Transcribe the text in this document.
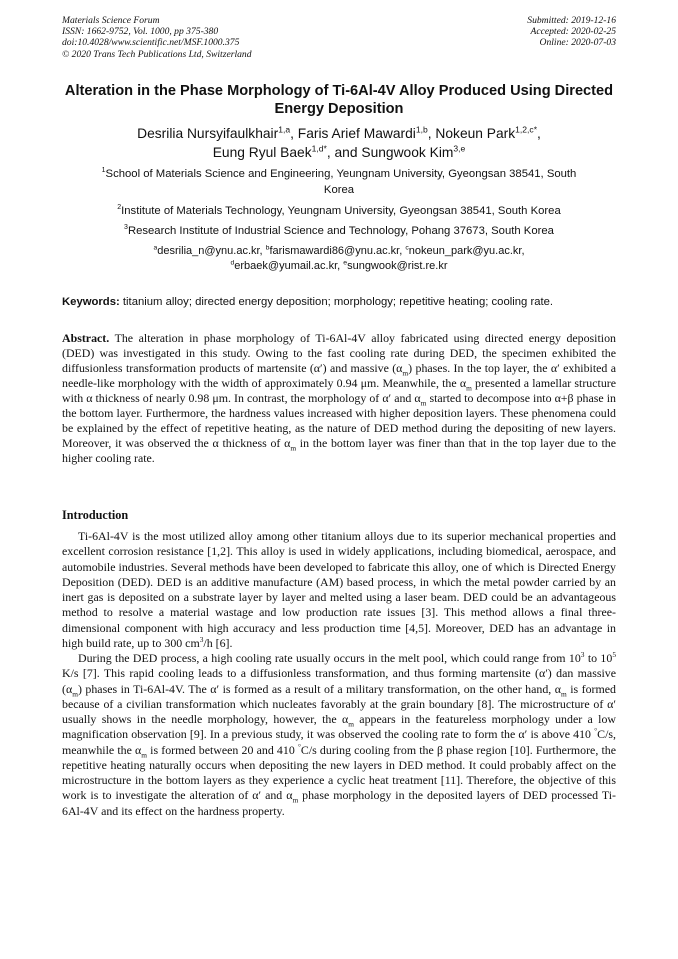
Materials Science Forum
ISSN: 1662-9752, Vol. 1000, pp 375-380
doi:10.4028/www.scientific.net/MSF.1000.375
© 2020 Trans Tech Publications Ltd, Switzerland
Submitted: 2019-12-16
Accepted: 2020-02-25
Online: 2020-07-03
Alteration in the Phase Morphology of Ti-6Al-4V Alloy Produced Using Directed Energy Deposition
Desrilia Nursyifaulkhair$^{1,a}$, Faris Arief Mawardi$^{1,b}$, Nokeun Park$^{1,2,c*}$,
Eung Ryul Baek$^{1,d*}$, and Sungwook Kim$^{3,e}$
$^1$School of Materials Science and Engineering, Yeungnam University, Gyeongsan 38541, South Korea
$^2$Institute of Materials Technology, Yeungnam University, Gyeongsan 38541, South Korea
$^3$Research Institute of Industrial Science and Technology, Pohang 37673, South Korea
$^a$desrilia_n@ynu.ac.kr, $^b$farismawardi86@ynu.ac.kr, $^c$nokeun_park@yu.ac.kr,
$^d$erbaek@yumail.ac.kr, $^e$sungwook@rist.re.kr
Keywords: titanium alloy; directed energy deposition; morphology; repetitive heating; cooling rate.
Abstract. The alteration in phase morphology of Ti-6Al-4V alloy fabricated using directed energy deposition (DED) was investigated in this study. Owing to the fast cooling rate during DED, the specimen exhibited the diffusionless transformation products of martensite (α′) and massive $(\alpha_m)$ phases. In the top layer, the α′ exhibited a needle-like morphology with the width of approximately 0.94 μm. Meanwhile, the $\alpha_m$ presented a lamellar structure with α thickness of nearly 0.98 μm. In contrast, the morphology of α′ and $\alpha_m$ started to decompose into α+β phase in the bottom layer. Furthermore, the hardness values increased with higher deposition layers. These phenomena could be explained by the effect of repetitive heating, as the nature of DED method during the depositing of new layers. Moreover, it was observed the α thickness of $\alpha_m$ in the bottom layer was finer than that in the top layer due to the higher cooling rate.
Introduction

Ti-6Al-4V is the most utilized alloy among other titanium alloys due to its superior mechanical properties and excellent corrosion resistance [1,2]. This alloy is used in widely applications, including biomedical, aerospace, and automobile industries. Several methods have been developed to fabricate this alloy, one of which is Directed Energy Deposition (DED). DED is an additive manufacture (AM) based process, in which the metal powder carried by an inert gas is deposited on a substrate layer by layer and melted using a laser beam. DED could be an advantageous method to resolve a material wastage and low production rate issues [3]. This method allows a final three-dimensional component with high accuracy and less production time [4,5]. Moreover, DED has an advantage in high build rate, up to 300 $cm^3/h$ [6].

During the DED process, a high cooling rate usually occurs in the melt pool, which could range from $10^3$ to $10^5$ K/s [7]. This rapid cooling leads to a diffusionless transformation, and thus forming martensite (α′) dan massive $(\alpha_m)$ phases in Ti-6Al-4V. The α′ is formed as a result of a military transformation, on the other hand, $\alpha_m$ is formed because of a civilian transformation which nucleates favorably at the grain boundary [8]. The microstructure of α′ usually shows in the needle morphology, however, the $\alpha_m$ appears in the featureless morphology under a low magnification observation [9]. In a previous study, it was observed the cooling rate to form the α′ is above 410 °C/s, meanwhile the $\alpha_m$ is formed between 20 and 410 °C/s during cooling from the β phase region [10]. Furthermore, the repetitive heating naturally occurs when depositing the new layers in DED method. It could probably affect on the microstructure in the bottom layers as they experience a cyclic heat treatment [11]. Therefore, the objective of this work is to investigate the alteration of α′ and $\alpha_m$ phase morphology in the deposited layers of DED processed Ti-6Al-4V and its effect on the hardness property.
